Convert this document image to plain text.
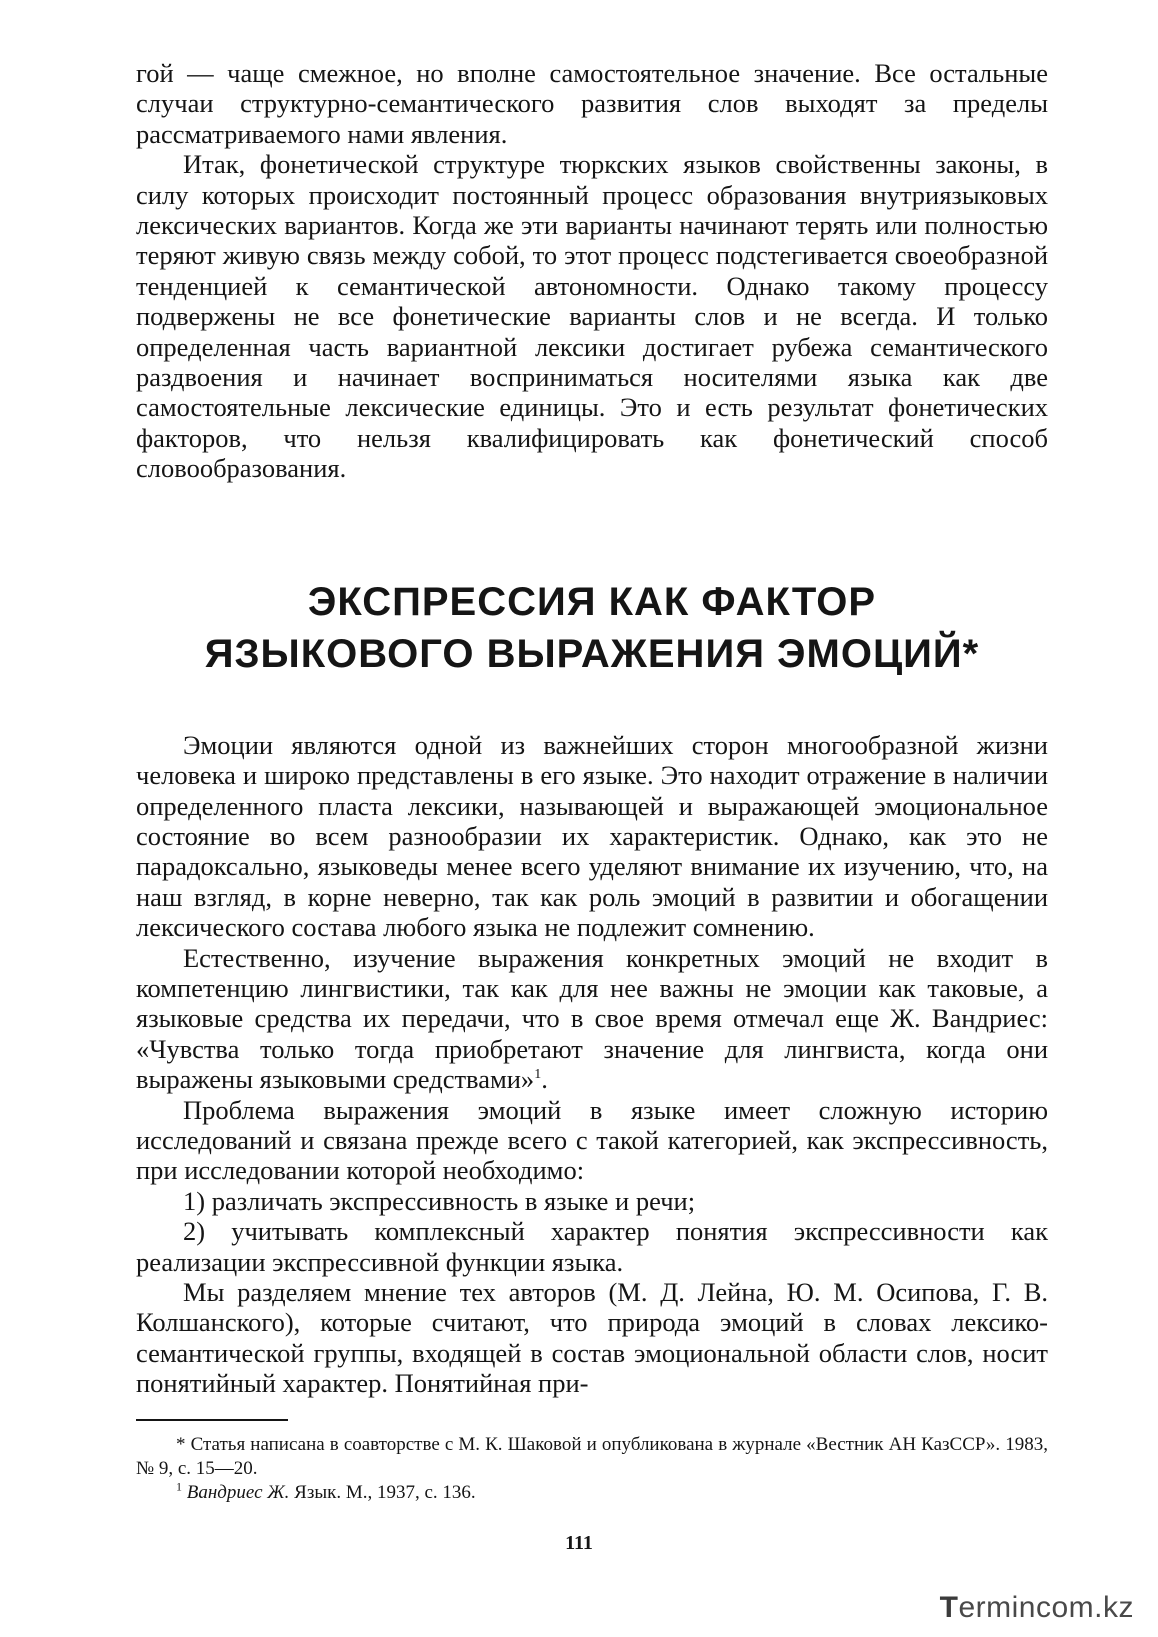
гой — чаще смежное, но вполне самостоятельное значение. Все остальные случаи структурно-семантического развития слов выходят за пределы рассматриваемого нами явления.

Итак, фонетической структуре тюркских языков свойственны законы, в силу которых происходит постоянный процесс образования внутриязыковых лексических вариантов. Когда же эти варианты начинают терять или полностью теряют живую связь между собой, то этот процесс подстегивается своеобразной тенденцией к семантической автономности. Однако такому процессу подвержены не все фонетические варианты слов и не всегда. И только определенная часть вариантной лексики достигает рубежа семантического раздвоения и начинает восприниматься носителями языка как две самостоятельные лексические единицы. Это и есть результат фонетических факторов, что нельзя квалифицировать как фонетический способ словообразования.

ЭКСПРЕССИЯ КАК ФАКТОР
ЯЗЫКОВОГО ВЫРАЖЕНИЯ ЭМОЦИЙ*

Эмоции являются одной из важнейших сторон многообразной жизни человека и широко представлены в его языке. Это находит отражение в наличии определенного пласта лексики, называющей и выражающей эмоциональное состояние во всем разнообразии их характеристик. Однако, как это не парадоксально, языковеды менее всего уделяют внимание их изучению, что, на наш взгляд, в корне неверно, так как роль эмоций в развитии и обогащении лексического состава любого языка не подлежит сомнению.

Естественно, изучение выражения конкретных эмоций не входит в компетенцию лингвистики, так как для нее важны не эмоции как таковые, а языковые средства их передачи, что в свое время отмечал еще Ж. Вандриес: «Чувства только тогда приобретают значение для лингвиста, когда они выражены языковыми средствами»$^1$.

Проблема выражения эмоций в языке имеет сложную историю исследований и связана прежде всего с такой категорией, как экспрессивность, при исследовании которой необходимо:

1) различать экспрессивность в языке и речи;

2) учитывать комплексный характер понятия экспрессивности как реализации экспрессивной функции языка.

Мы разделяем мнение тех авторов (М. Д. Лейна, Ю. М. Осипова, Г. В. Колшанского), которые считают, что природа эмоций в словах лексико-семантической группы, входящей в состав эмоциональной области слов, носит понятийный характер. Понятийная при-

* Статья написана в соавторстве с М. К. Шаковой и опубликована в журнале «Вестник АН КазССР». 1983, № 9, с. 15—20.

$^1$ Вандриес Ж. Язык. М., 1937, с. 136.

111
Termincom.kz
